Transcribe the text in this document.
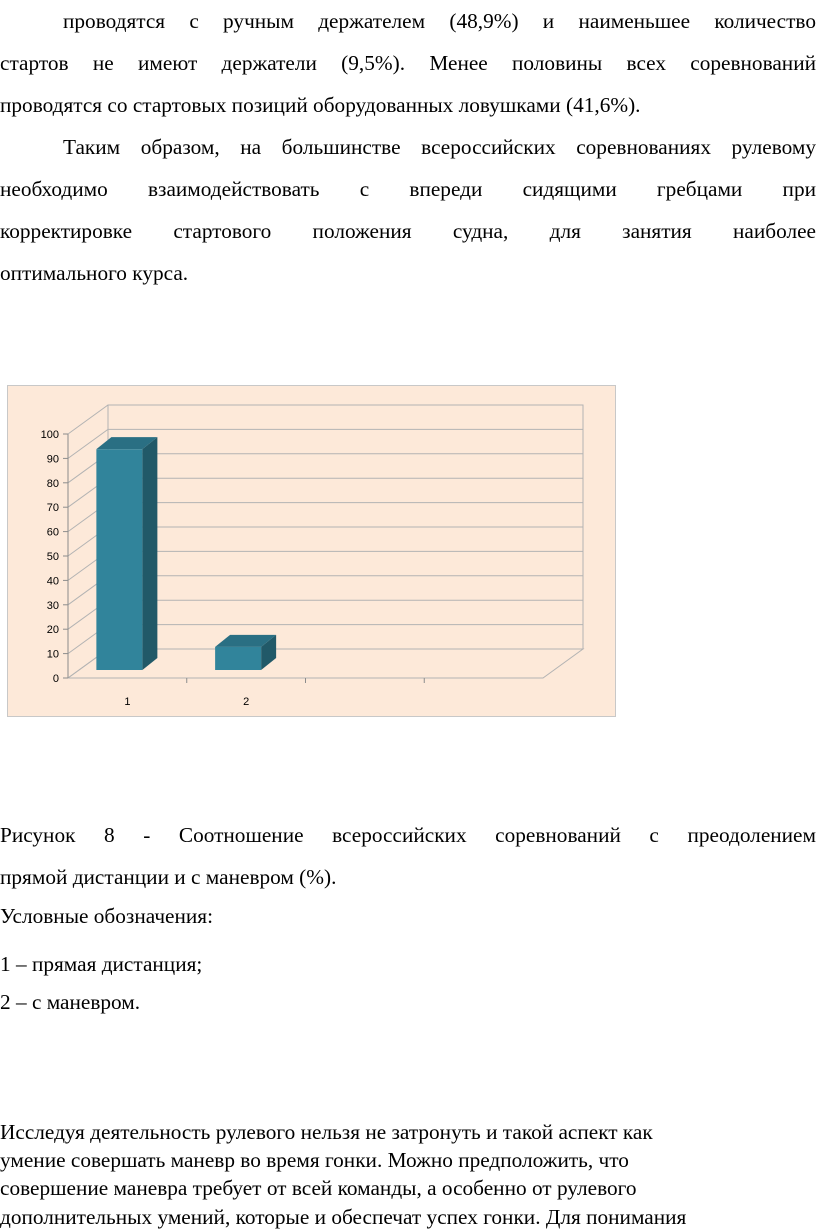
проводятся с ручным держателем (48,9%) и наименьшее количество
стартов не имеют держатели (9,5%). Менее половины всех соревнований
проводятся со стартовых позиций оборудованных ловушками (41,6%).
Таким образом, на большинстве всероссийских соревнованиях рулевому
необходимо взаимодействовать с впереди сидящими гребцами при
корректировке стартового положения судна, для занятия наиболее
оптимального курса.
0
10
20
30
40
50
60
70
80
90
100
1	2
Рисунок 8 - Соотношение всероссийских соревнований с преодолением
прямой дистанции и с маневром (%).
Условные обозначения:
1 – прямая дистанция;
2 – с маневром.
Исследуя деятельность рулевого нельзя не затронуть и такой аспект как
умение совершать маневр во время гонки. Можно предположить, что
совершение маневра требует от всей команды, а особенно от рулевого
дополнительных умений, которые и обеспечат успех гонки. Для понимания
